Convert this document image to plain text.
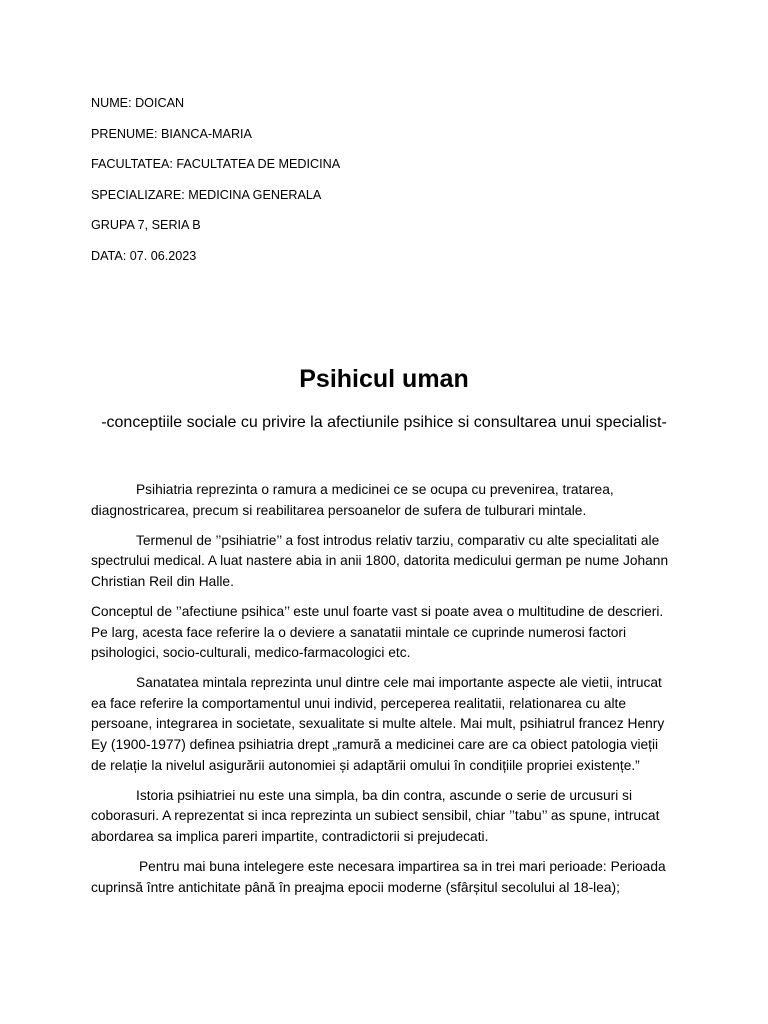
NUME: DOICAN
PRENUME: BIANCA-MARIA
FACULTATEA: FACULTATEA DE MEDICINA
SPECIALIZARE: MEDICINA GENERALA
GRUPA 7, SERIA B
DATA: 07. 06.2023
Psihicul uman
-conceptiile sociale cu privire la afectiunile psihice si consultarea unui specialist-
Psihiatria reprezinta o ramura a medicinei ce se ocupa cu prevenirea, tratarea,
diagnostricarea, precum si reabilitarea persoanelor de sufera de tulburari mintale.
Termenul de ’’psihiatrie’’ a fost introdus relativ tarziu, comparativ cu alte specialitati ale
spectrului medical. A luat nastere abia in anii 1800, datorita medicului german pe nume Johann
Christian Reil din Halle.
Conceptul de ’’afectiune psihica’’ este unul foarte vast si poate avea o multitudine de descrieri.
Pe larg, acesta face referire la o deviere a sanatatii mintale ce cuprinde numerosi factori
psihologici, socio-culturali, medico-farmacologici etc.
Sanatatea mintala reprezinta unul dintre cele mai importante aspecte ale vietii, intrucat
ea face referire la comportamentul unui individ, perceperea realitatii, relationarea cu alte
persoane, integrarea in societate, sexualitate si multe altele. Mai mult, psihiatrul francez Henry
Ey (1900-1977) definea psihiatria drept „ramură a medicinei care are ca obiect patologia vieții
de relație la nivelul asigurării autonomiei și adaptării omului în condițiile propriei existențe.”
Istoria psihiatriei nu este una simpla, ba din contra, ascunde o serie de urcusuri si
coborasuri. A reprezentat si inca reprezinta un subiect sensibil, chiar ’’tabu’’ as spune, intrucat
abordarea sa implica pareri impartite, contradictorii si prejudecati.
Pentru mai buna intelegere este necesara impartirea sa in trei mari perioade: Perioada
cuprinsă între antichitate până în preajma epocii moderne (sfârșitul secolului al 18-lea);
